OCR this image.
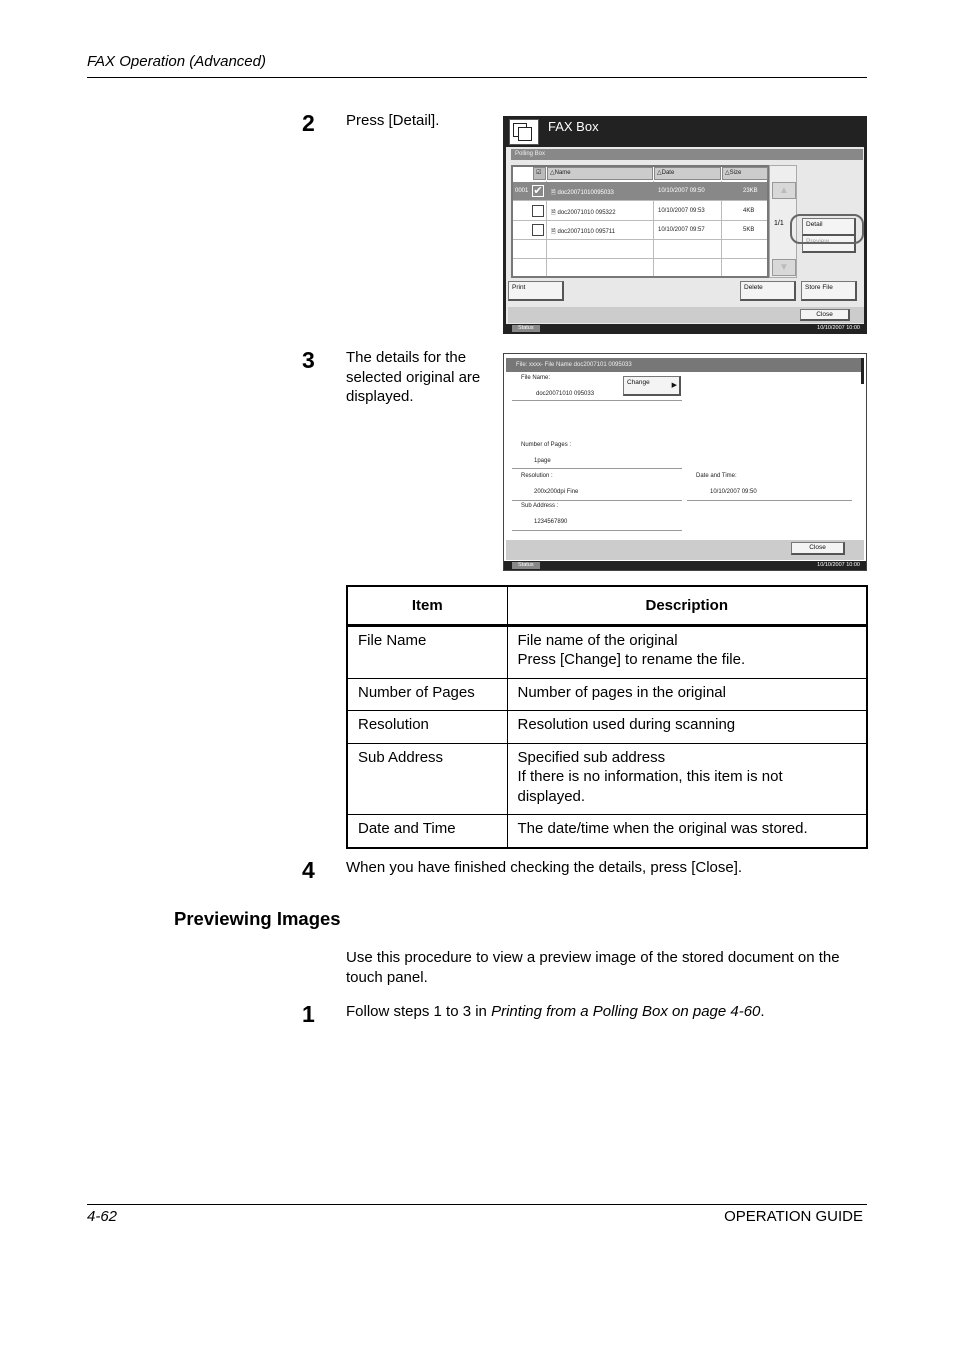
FAX Operation (Advanced)
2 Press [Detail].	FAX Box
Polling Box
☑	△Name	△Date	△Size
0001 ✔ 🗎 doc20071010095033	10/10/2007 09:50	23KB
🗎 doc20071010 095322	10/10/2007 09:53	4KB
🗎 doc20071010 095711	10/10/2007 09:57	5KB
▲
1/1
▼
Preview
Detail
Print	Delete	Store File
Close
Status	10/10/2007 10:00
3 The details for the
selected original are
displayed.
File: xxxx- File Name doc2007101 0095033
File Name:
doc20071010 095033
Change	▶
Number of Pages :
1page
Resolution :
200x200dpi Fine
Date and Time:
10/10/2007 09:50
Sub Address :
1234567890
Close
Status	10/10/2007 10:00
Item	Description
File Name	File name of the original
Press [Change] to rename the file.

Number of Pages	Number of pages in the original

Resolution	Resolution used during scanning

Sub Address	Specified sub address
If there is no information, this item is not
displayed.

Date and Time	The date/time when the original was stored.
4 When you have finished checking the details, press [Close].
Previewing Images
Use this procedure to view a preview image of the stored document on the
touch panel.
1 Follow steps 1 to 3 in Printing from a Polling Box on page 4-60.
4-62	OPERATION GUIDE
